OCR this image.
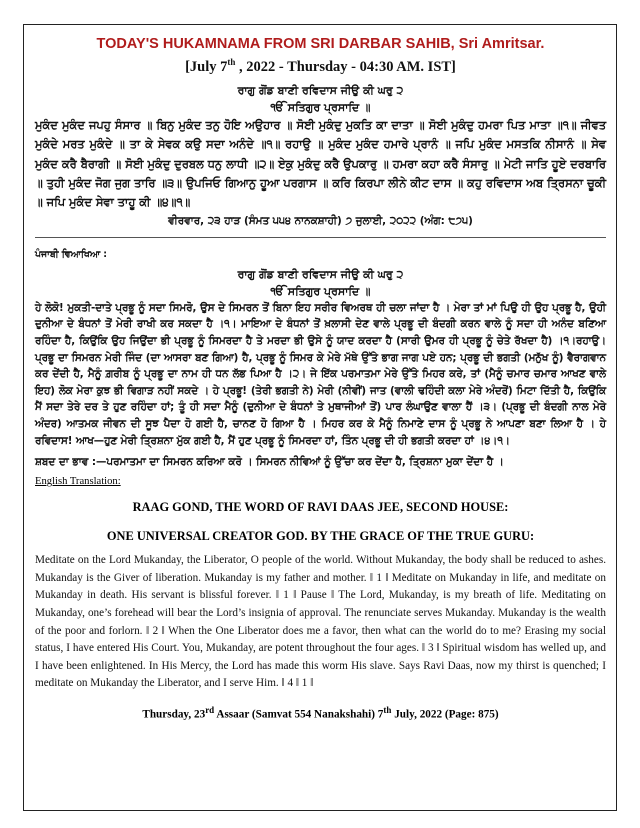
TODAY'S HUKAMNAMA FROM SRI DARBAR SAHIB, Sri Amritsar.

[July 7th , 2022 - Thursday - 04:30 AM. IST]

ਰਾਗੁ ਗੋਂਡ ਬਾਣੀ ਰਵਿਦਾਸ ਜੀਉ ਕੀ ਘਰੁ ੨
ੴ ਸਤਿਗੁਰ ਪ੍ਰਸਾਦਿ ॥

ਮੁਕੰਦ ਮੁਕੰਦ ਜਪਹੁ ਸੰਸਾਰ ॥ ਬਿਨੁ ਮੁਕੰਦ ਤਨੁ ਹੋਇ ਅਉਹਾਰ ॥ ਸੋਈ ਮੁਕੰਦੁ ਮੁਕਤਿ ਕਾ ਦਾਤਾ ॥ ਸੋਈ ਮੁਕੰਦੁ ਹਮਰਾ ਪਿਤ ਮਾਤਾ ॥੧॥ ਜੀਵਤ ਮੁਕੰਦੇ ਮਰਤ ਮੁਕੰਦੇ ॥ ਤਾ ਕੇ ਸੇਵਕ ਕਉ ਸਦਾ ਅਨੰਦੇ ॥੧॥ ਰਹਾਉ ॥ ਮੁਕੰਦ ਮੁਕੰਦ ਹਮਾਰੇ ਪ੍ਰਾਨੰ ॥ ਜਪਿ ਮੁਕੰਦ ਮਸਤਕਿ ਨੀਸਾਨੰ ॥ ਸੇਵ ਮੁਕੰਦ ਕਰੈ ਬੈਰਾਗੀ ॥ ਸੋਈ ਮੁਕੰਦੁ ਦੁਰਬਲ ਧਨੁ ਲਾਧੀ ॥੨॥ ਏਕੁ ਮੁਕੰਦੁ ਕਰੈ ਉਪਕਾਰੁ ॥ ਹਮਰਾ ਕਹਾ ਕਰੈ ਸੰਸਾਰੁ ॥ ਮੇਟੀ ਜਾਤਿ ਹੂਏ ਦਰਬਾਰਿ ॥ ਤੁਹੀ ਮੁਕੰਦ ਜੋਗ ਜੁਗ ਤਾਰਿ ॥੩॥ ਉਪਜਿਓ ਗਿਆਨੁ ਹੂਆ ਪਰਗਾਸ ॥ ਕਰਿ ਕਿਰਪਾ ਲੀਨੇ ਕੀਟ ਦਾਸ ॥ ਕਹੁ ਰਵਿਦਾਸ ਅਬ ਤ੍ਰਿਸਨਾ ਚੂਕੀ ॥ ਜਪਿ ਮੁਕੰਦ ਸੇਵਾ ਤਾਹੂ ਕੀ ॥੪॥੧॥

ਵੀਰਵਾਰ, ੨੩ ਹਾੜ (ਸੰਮਤ ੫੫੪ ਨਾਨਕਸ਼ਾਹੀ) ੭ ਜੁਲਾਈ, ੨੦੨੨ (ਅੰਗ: ੮੭੫)

ਪੰਜਾਬੀ ਵਿਆਖਿਆ :

ਰਾਗੁ ਗੋਂਡ ਬਾਣੀ ਰਵਿਦਾਸ ਜੀਉ ਕੀ ਘਰੁ ੨
ੴ ਸਤਿਗੁਰ ਪ੍ਰਸਾਦਿ ॥

ਹੇ ਲੋਕੋ! ਮੁਕਤੀ-ਦਾਤੇ ਪ੍ਰਭੂ ਨੂੰ ਸਦਾ ਸਿਮਰੋ, ਉਸ ਦੇ ਸਿਮਰਨ ਤੋਂ ਬਿਨਾ ਇਹ ਸਰੀਰ ਵਿਅਰਥ ਹੀ ਚਲਾ ਜਾਂਦਾ ਹੈ । ਮੇਰਾ ਤਾਂ ਮਾਂ ਪਿਉ ਹੀ ਉਹ ਪ੍ਰਭੂ ਹੈ, ਉਹੀ ਦੁਨੀਆ ਦੇ ਬੰਧਨਾਂ ਤੋਂ ਮੇਰੀ ਰਾਖੀ ਕਰ ਸਕਦਾ ਹੈ ।੧। ਮਾਇਆ ਦੇ ਬੰਧਨਾਂ ਤੋਂ ਖ਼ਲਾਸੀ ਦੇਣ ਵਾਲੇ ਪ੍ਰਭੂ ਦੀ ਬੰਦਗੀ ਕਰਨ ਵਾਲੇ ਨੂੰ ਸਦਾ ਹੀ ਅਨੰਦ ਬਣਿਆ ਰਹਿੰਦਾ ਹੈ, ਕਿਉਂਕਿ ਉਹ ਜਿਉਂਦਾ ਭੀ ਪ੍ਰਭੂ ਨੂੰ ਸਿਮਰਦਾ ਹੈ ਤੇ ਮਰਦਾ ਭੀ ਉਸੇ ਨੂੰ ਯਾਦ ਕਰਦਾ ਹੈ (ਸਾਰੀ ਉਮਰ ਹੀ ਪ੍ਰਭੂ ਨੂੰ ਚੇਤੇ ਰੱਖਦਾ ਹੈ) ।੧।ਰਹਾਉ। ਪ੍ਰਭੂ ਦਾ ਸਿਮਰਨ ਮੇਰੀ ਜਿੰਦ (ਦਾ ਆਸਰਾ ਬਣ ਗਿਆ) ਹੈ, ਪ੍ਰਭੂ ਨੂੰ ਸਿਮਰ ਕੇ ਮੇਰੇ ਮੱਥੇ ਉੱਤੇ ਭਾਗ ਜਾਗ ਪਏ ਹਨ; ਪ੍ਰਭੂ ਦੀ ਭਗਤੀ (ਮਨੁੱਖ ਨੂੰ) ਵੈਰਾਗਵਾਨ ਕਰ ਦੇਂਦੀ ਹੈ, ਮੈਨੂੰ ਗ਼ਰੀਬ ਨੂੰ ਪ੍ਰਭੂ ਦਾ ਨਾਮ ਹੀ ਧਨ ਲੱਭ ਪਿਆ ਹੈ ।੨। ਜੇ ਇੱਕ ਪਰਮਾਤਮਾ ਮੇਰੇ ਉੱਤੇ ਮਿਹਰ ਕਰੇ, ਤਾਂ (ਮੈਨੂੰ ਚਮਾਰ ਚਮਾਰ ਆਖਣ ਵਾਲੇ ਇਹ) ਲੋਕ ਮੇਰਾ ਕੁਝ ਭੀ ਵਿਗਾੜ ਨਹੀਂ ਸਕਦੇ । ਹੇ ਪ੍ਰਭੂ! (ਤੇਰੀ ਭਗਤੀ ਨੇ) ਮੇਰੀ (ਨੀਵੀਂ) ਜਾਤ (ਵਾਲੀ ਢਹਿੰਦੀ ਕਲਾ ਮੇਰੇ ਅੰਦਰੋਂ) ਮਿਟਾ ਦਿੱਤੀ ਹੈ, ਕਿਉਂਕਿ ਮੈਂ ਸਦਾ ਤੇਰੇ ਦਰ ਤੇ ਹੁਣ ਰਹਿੰਦਾ ਹਾਂ; ਤੂੰ ਹੀ ਸਦਾ ਮੈਨੂੰ (ਦੁਨੀਆ ਦੇ ਬੰਧਨਾਂ ਤੇ ਮੁਥਾਜੀਆਂ ਤੋਂ) ਪਾਰ ਲੰਘਾਉਣ ਵਾਲਾ ਹੈਂ ।੩। (ਪ੍ਰਭੂ ਦੀ ਬੰਦਗੀ ਨਾਲ ਮੇਰੇ ਅੰਦਰ) ਆਤਮਕ ਜੀਵਨ ਦੀ ਸੂਝ ਪੈਦਾ ਹੋ ਗਈ ਹੈ, ਚਾਨਣ ਹੋ ਗਿਆ ਹੈ । ਮਿਹਰ ਕਰ ਕੇ ਮੈਨੂੰ ਨਿਮਾਣੇ ਦਾਸ ਨੂੰ ਪ੍ਰਭੂ ਨੇ ਆਪਣਾ ਬਣਾ ਲਿਆ ਹੈ । ਹੇ ਰਵਿਦਾਸ! ਆਖ—ਹੁਣ ਮੇਰੀ ਤ੍ਰਿਸ਼ਨਾ ਮੁੱਕ ਗਈ ਹੈ, ਮੈਂ ਹੁਣ ਪ੍ਰਭੂ ਨੂੰ ਸਿਮਰਦਾ ਹਾਂ, ਤਿੰਨ ਪ੍ਰਭੂ ਦੀ ਹੀ ਭਗਤੀ ਕਰਦਾ ਹਾਂ ।੪।੧।

ਸ਼ਬਦ ਦਾ ਭਾਵ :—ਪਰਮਾਤਮਾ ਦਾ ਸਿਮਰਨ ਕਰਿਆ ਕਰੋ । ਸਿਮਰਨ ਨੀਵਿਆਂ ਨੂੰ ਉੱਚਾ ਕਰ ਦੇਂਦਾ ਹੈ, ਤ੍ਰਿਸ਼ਨਾ ਮੁਕਾ ਦੇਂਦਾ ਹੈ ।

English Translation:

RAAG GOND, THE WORD OF RAVI DAAS JEE, SECOND HOUSE:

ONE UNIVERSAL CREATOR GOD. BY THE GRACE OF THE TRUE GURU:

Meditate on the Lord Mukanday, the Liberator, O people of the world. Without Mukanday, the body shall be reduced to ashes. Mukanday is the Giver of liberation. Mukanday is my father and mother. ‖ 1 ‖ Meditate on Mukanday in life, and meditate on Mukanday in death. His servant is blissful forever. ‖ 1 ‖ Pause ‖ The Lord, Mukanday, is my breath of life. Meditating on Mukanday, one’s forehead will bear the Lord’s insignia of approval. The renunciate serves Mukanday. Mukanday is the wealth of the poor and forlorn. ‖ 2 ‖ When the One Liberator does me a favor, then what can the world do to me? Erasing my social status, I have entered His Court. You, Mukanday, are potent throughout the four ages. ‖ 3 ‖ Spiritual wisdom has welled up, and I have been enlightened. In His Mercy, the Lord has made this worm His slave. Says Ravi Daas, now my thirst is quenched; I meditate on Mukanday the Liberator, and I serve Him. ‖ 4 ‖ 1 ‖

Thursday, 23rd Assaar (Samvat 554 Nanakshahi) 7th July, 2022 (Page: 875)
